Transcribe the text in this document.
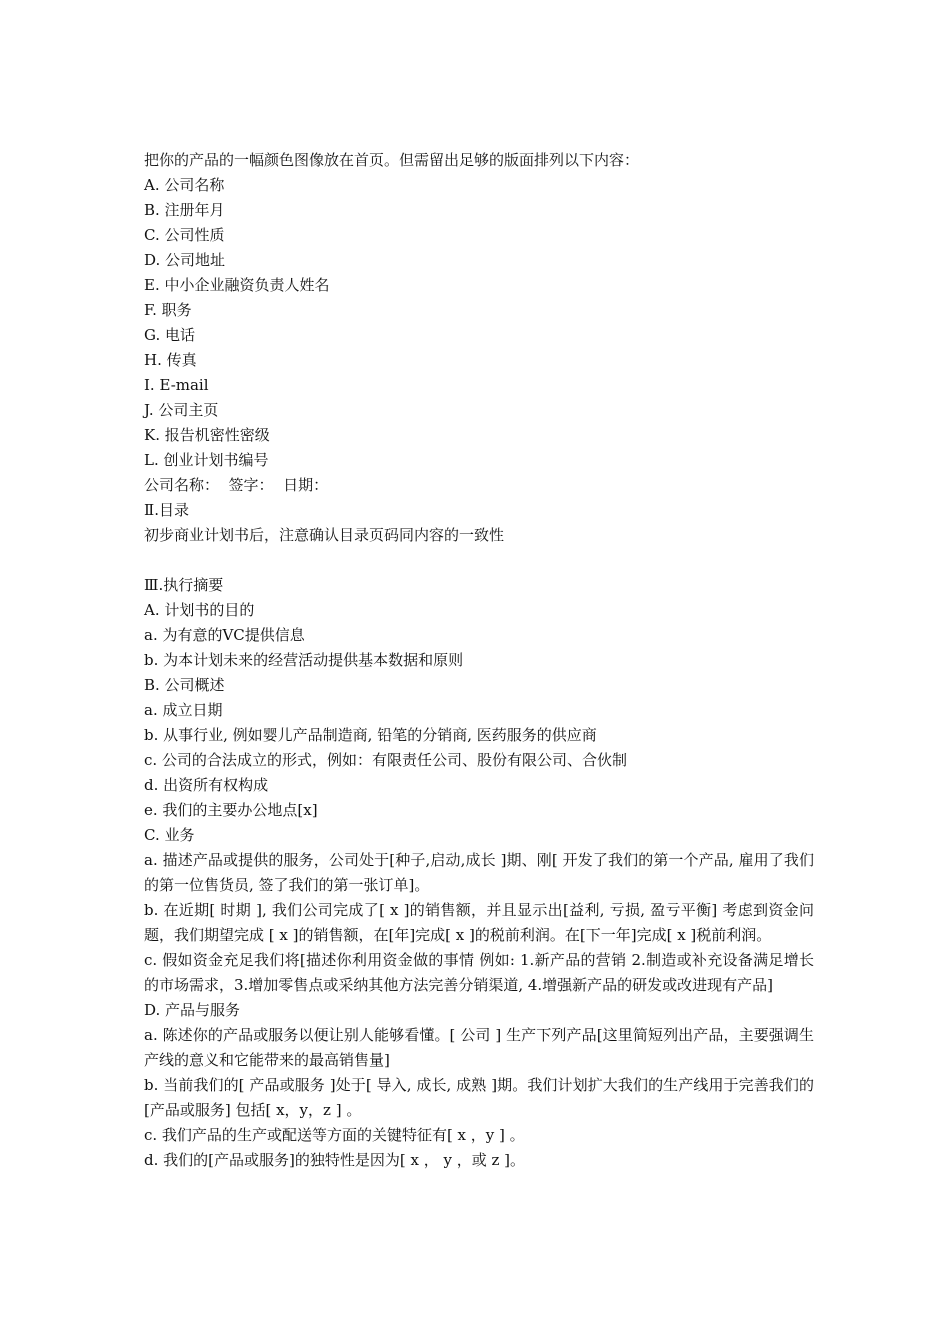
把你的产品的一幅颜色图像放在首页。但需留出足够的版面排列以下内容：
A. 公司名称
B. 注册年月
C. 公司性质
D. 公司地址
E. 中小企业融资负责人姓名
F. 职务
G. 电话
H. 传真
I. E-mail
J. 公司主页
K. 报告机密性密级
L. 创业计划书编号
公司名称：  签字：  日期：
Ⅱ.目录
初步商业计划书后，注意确认目录页码同内容的一致性
Ⅲ.执行摘要
A. 计划书的目的
a. 为有意的VC提供信息
b. 为本计划未来的经营活动提供基本数据和原则
B. 公司概述
a. 成立日期
b. 从事行业, 例如婴儿产品制造商, 铅笔的分销商, 医药服务的供应商
c. 公司的合法成立的形式，例如：有限责任公司、股份有限公司、合伙制
d. 出资所有权构成
e. 我们的主要办公地点[x]
C. 业务
a. 描述产品或提供的服务，公司处于[种子,启动,成长 ]期、刚[ 开发了我们的第一个产品, 雇用了我们的第一位售货员, 签了我们的第一张订单]。
b. 在近期[ 时期 ], 我们公司完成了[ x ]的销售额，并且显示出[益利, 亏损, 盈亏平衡] 考虑到资金问题，我们期望完成 [ x ]的销售额，在[年]完成[ x ]的税前利润。在[下一年]完成[ x ]税前利润。
c. 假如资金充足我们将[描述你利用资金做的事情 例如: 1.新产品的营销 2.制造或补充设备满足增长的市场需求，3.增加零售点或采纳其他方法完善分销渠道, 4.增强新产品的研发或改进现有产品]
D. 产品与服务
a. 陈述你的产品或服务以便让别人能够看懂。[ 公司 ] 生产下列产品[这里简短列出产品，主要强调生产线的意义和它能带来的最高销售量]
b. 当前我们的[ 产品或服务 ]处于[ 导入, 成长, 成熟 ]期。我们计划扩大我们的生产线用于完善我们的[产品或服务] 包括[ x，y，z ] 。
c. 我们产品的生产或配送等方面的关键特征有[ x ，y ] 。
d. 我们的[产品或服务]的独特性是因为[ x ， y ，或 z ]。
